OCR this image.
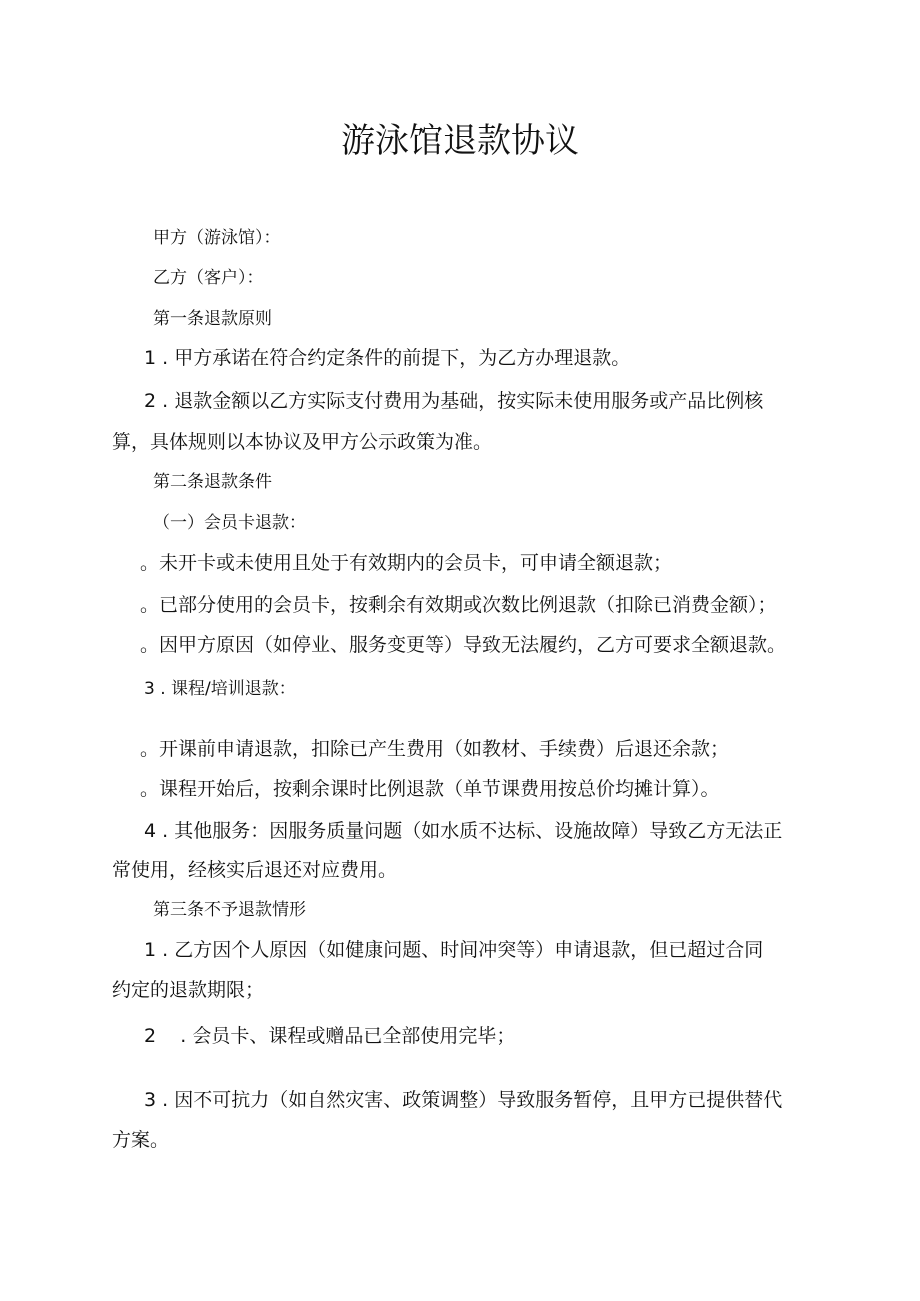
游泳馆退款协议
甲方（游泳馆）：
乙方（客户）：
第一条退款原则
1 . 甲方承诺在符合约定条件的前提下，为乙方办理退款。
2 . 退款金额以乙方实际支付费用为基础，按实际未使用服务或产品比例核
算，具体规则以本协议及甲方公示政策为准。
第二条退款条件
（一）会员卡退款：
。未开卡或未使用且处于有效期内的会员卡，可申请全额退款；
。已部分使用的会员卡，按剩余有效期或次数比例退款（扣除已消费金额）；
。因甲方原因（如停业、服务变更等）导致无法履约，乙方可要求全额退款。
3 . 课程/培训退款：
。开课前申请退款，扣除已产生费用（如教材、手续费）后退还余款；
。课程开始后，按剩余课时比例退款（单节课费用按总价均摊计算）。
4 . 其他服务：因服务质量问题（如水质不达标、设施故障）导致乙方无法正
常使用，经核实后退还对应费用。
第三条不予退款情形
1 . 乙方因个人原因（如健康问题、时间冲突等）申请退款，但已超过合同
约定的退款期限；
2    . 会员卡、课程或赠品已全部使用完毕；
3 . 因不可抗力（如自然灾害、政策调整）导致服务暂停，且甲方已提供替代
方案。
